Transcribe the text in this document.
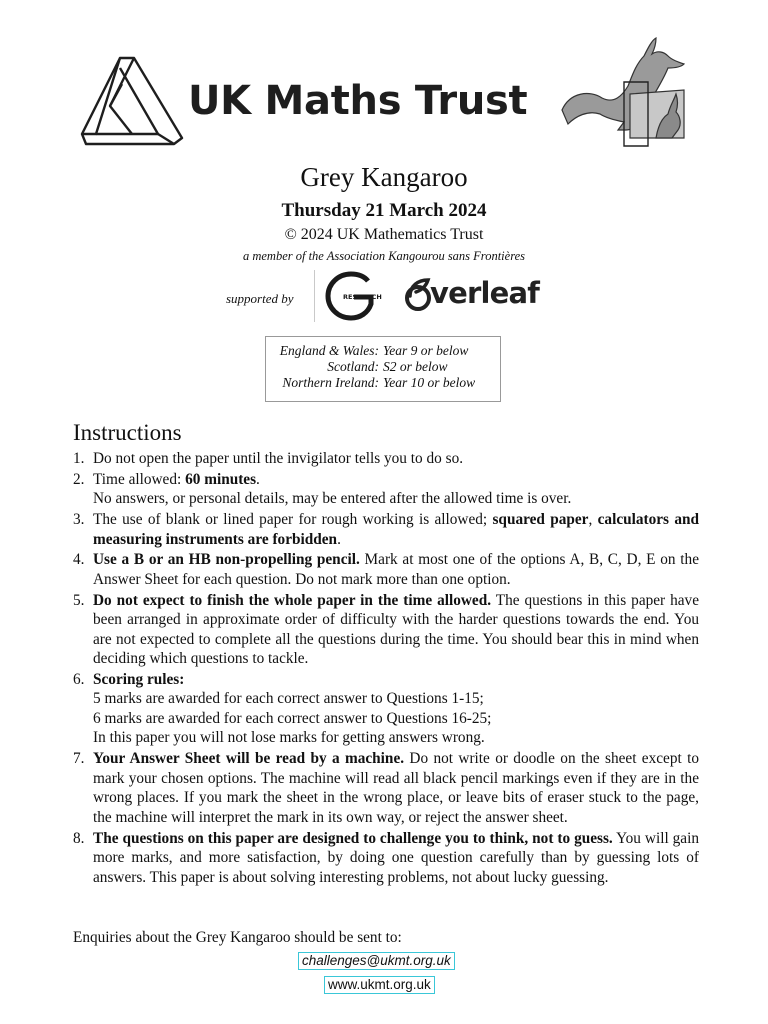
UK Maths Trust
Grey Kangaroo
Thursday 21 March 2024
© 2024 UK Mathematics Trust
a member of the Association Kangourou sans Frontières
supported by	RESEARCH verleaf
England & Wales: Year 9 or below
Scotland: S2 or below
Northern Ireland: Year 10 or below
Instructions
1. Do not open the paper until the invigilator tells you to do so.
2. Time allowed: 60 minutes.
No answers, or personal details, may be entered after the allowed time is over.
3. The use of blank or lined paper for rough working is allowed; squared paper, calculators and measuring instruments are forbidden.
4. Use a B or an HB non-propelling pencil. Mark at most one of the options A, B, C, D, E on the Answer Sheet for each question. Do not mark more than one option.
5. Do not expect to finish the whole paper in the time allowed. The questions in this paper have been arranged in approximate order of difficulty with the harder questions towards the end. You are not expected to complete all the questions during the time. You should bear this in mind when deciding which questions to tackle.
6. Scoring rules:
5 marks are awarded for each correct answer to Questions 1-15;
6 marks are awarded for each correct answer to Questions 16-25;
In this paper you will not lose marks for getting answers wrong.
7. Your Answer Sheet will be read by a machine. Do not write or doodle on the sheet except to mark your chosen options. The machine will read all black pencil markings even if they are in the wrong places. If you mark the sheet in the wrong place, or leave bits of eraser stuck to the page, the machine will interpret the mark in its own way, or reject the answer sheet.
8. The questions on this paper are designed to challenge you to think, not to guess. You will gain more marks, and more satisfaction, by doing one question carefully than by guessing lots of answers. This paper is about solving interesting problems, not about lucky guessing.
Enquiries about the Grey Kangaroo should be sent to:
challenges@ukmt.org.uk
www.ukmt.org.uk
